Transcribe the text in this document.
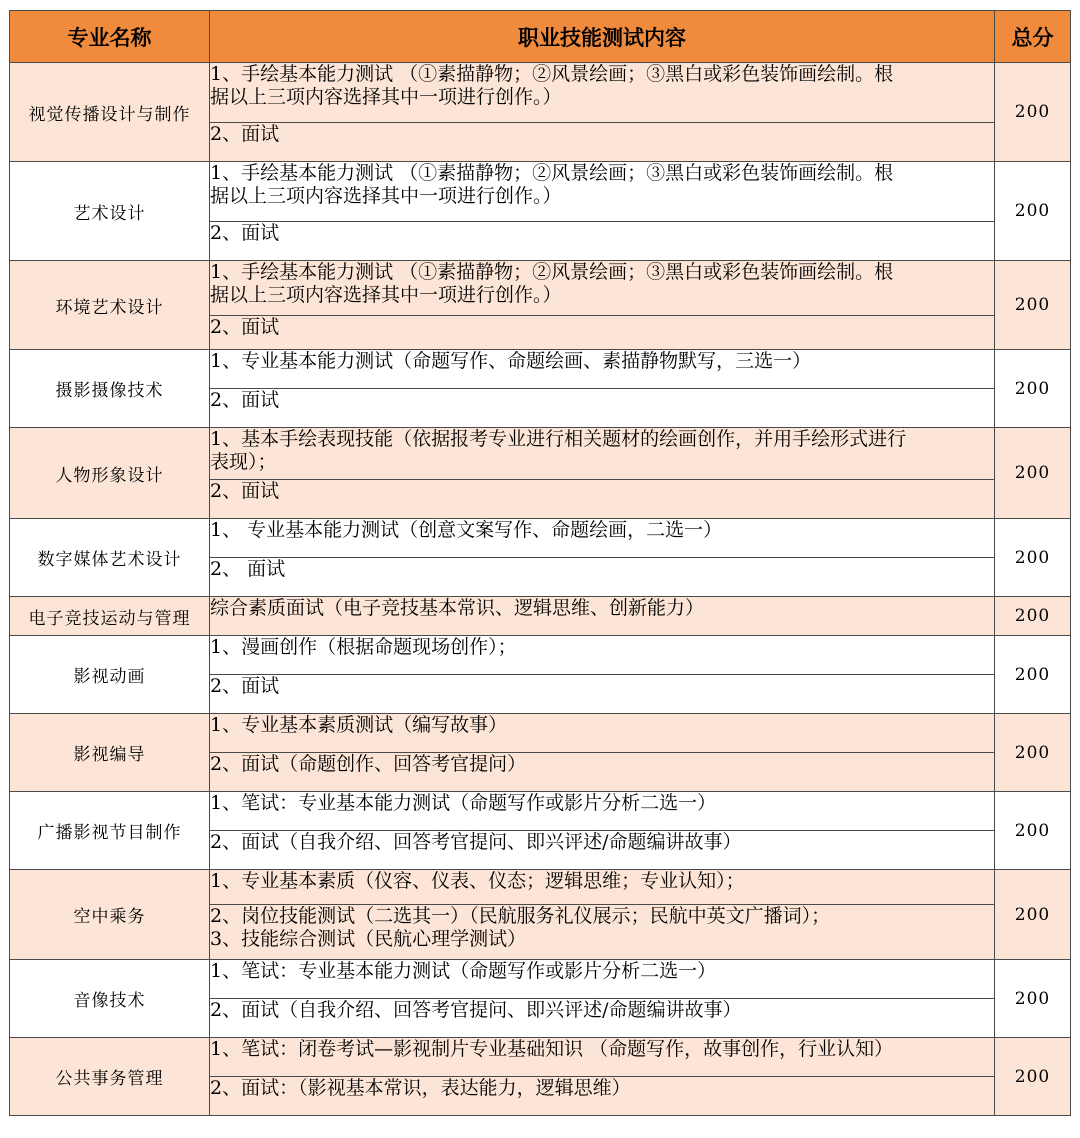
专业名称	职业技能测试内容	总分
视觉传播设计与制作	1、手绘基本能力测试 （①素描静物；②风景绘画；③黑白或彩色装饰画绘制。根
据以上三项内容选择其中一项进行创作。）	200

	2、面试	

艺术设计	1、手绘基本能力测试 （①素描静物；②风景绘画；③黑白或彩色装饰画绘制。根
据以上三项内容选择其中一项进行创作。）	200

	2、面试	

环境艺术设计	1、手绘基本能力测试 （①素描静物；②风景绘画；③黑白或彩色装饰画绘制。根
据以上三项内容选择其中一项进行创作。）	200

	2、面试	

摄影摄像技术	1、专业基本能力测试（命题写作、命题绘画、素描静物默写，三选一）	200

	2、面试	

人物形象设计	1、基本手绘表现技能（依据报考专业进行相关题材的绘画创作，并用手绘形式进行
表现）；	200

	2、面试	

数字媒体艺术设计	1、 专业基本能力测试（创意文案写作、命题绘画，二选一）	200

	2、 面试	

电子竞技运动与管理	综合素质面试（电子竞技基本常识、逻辑思维、创新能力）	200
影视动画	1、漫画创作（根据命题现场创作）；	200

	2、面试	

影视编导	1、专业基本素质测试（编写故事）	200

	2、面试（命题创作、回答考官提问）	

广播影视节目制作	1、笔试：专业基本能力测试（命题写作或影片分析二选一）	200

	2、面试（自我介绍、回答考官提问、即兴评述/命题编讲故事）	

空中乘务	1、专业基本素质（仪容、仪表、仪态；逻辑思维；专业认知）；	200

	2、岗位技能测试（二选其一）（民航服务礼仪展示；民航中英文广播词）；
3、技能综合测试（民航心理学测试）	

音像技术	1、笔试：专业基本能力测试（命题写作或影片分析二选一）	200

	2、面试（自我介绍、回答考官提问、即兴评述/命题编讲故事）	

公共事务管理	1、笔试：闭卷考试—影视制片专业基础知识 （命题写作，故事创作，行业认知）	200

	2、面试：（影视基本常识，表达能力，逻辑思维）	
